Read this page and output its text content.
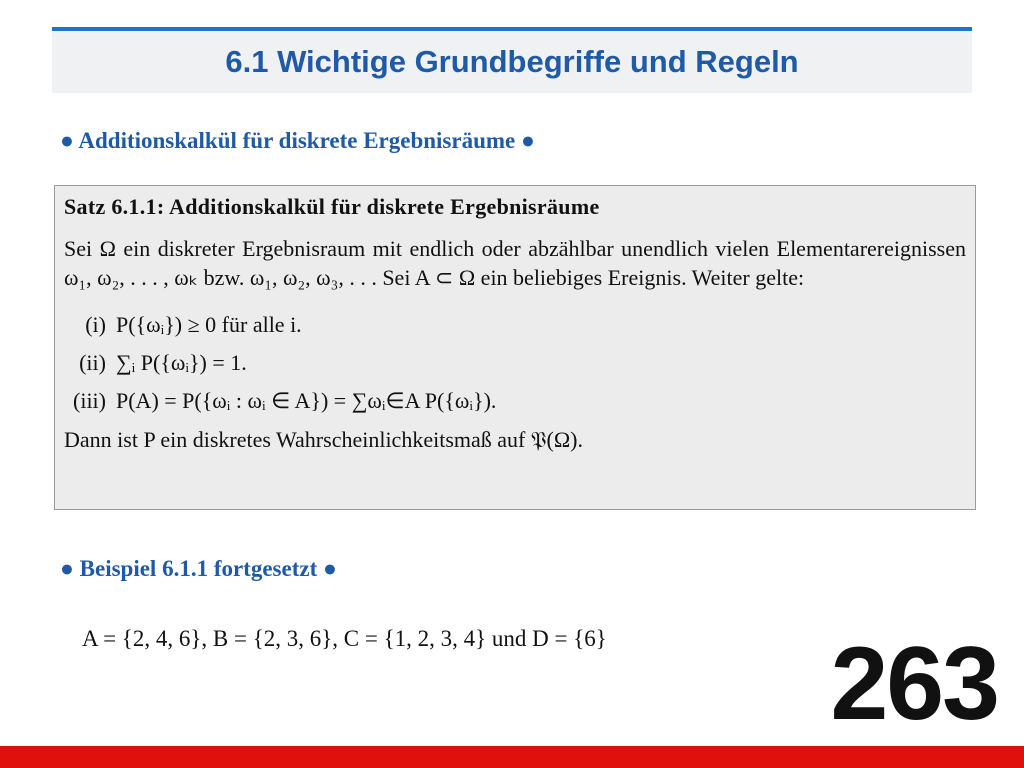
6.1 Wichtige Grundbegriffe und Regeln
● Additionskalkül für diskrete Ergebnisräume ●
Satz 6.1.1: Additionskalkül für diskrete Ergebnisräume
Sei Ω ein diskreter Ergebnisraum mit endlich oder abzählbar unendlich vielen Elementarereignissen ω₁, ω₂, . . . , ωₖ bzw. ω₁, ω₂, ω₃, . . . Sei A ⊂ Ω ein beliebiges Ereignis. Weiter gelte:
(i) P({ωᵢ}) ≥ 0 für alle i.
(ii) ∑ᵢ P({ωᵢ}) = 1.
(iii) P(A) = P({ωᵢ : ωᵢ ∈ A}) = ∑ωᵢ∈A P({ωᵢ}).
Dann ist P ein diskretes Wahrscheinlichkeitsmaß auf 𝔓(Ω).
● Beispiel 6.1.1 fortgesetzt ●
A = {2, 4, 6}, B = {2, 3, 6}, C = {1, 2, 3, 4} und D = {6} 263
